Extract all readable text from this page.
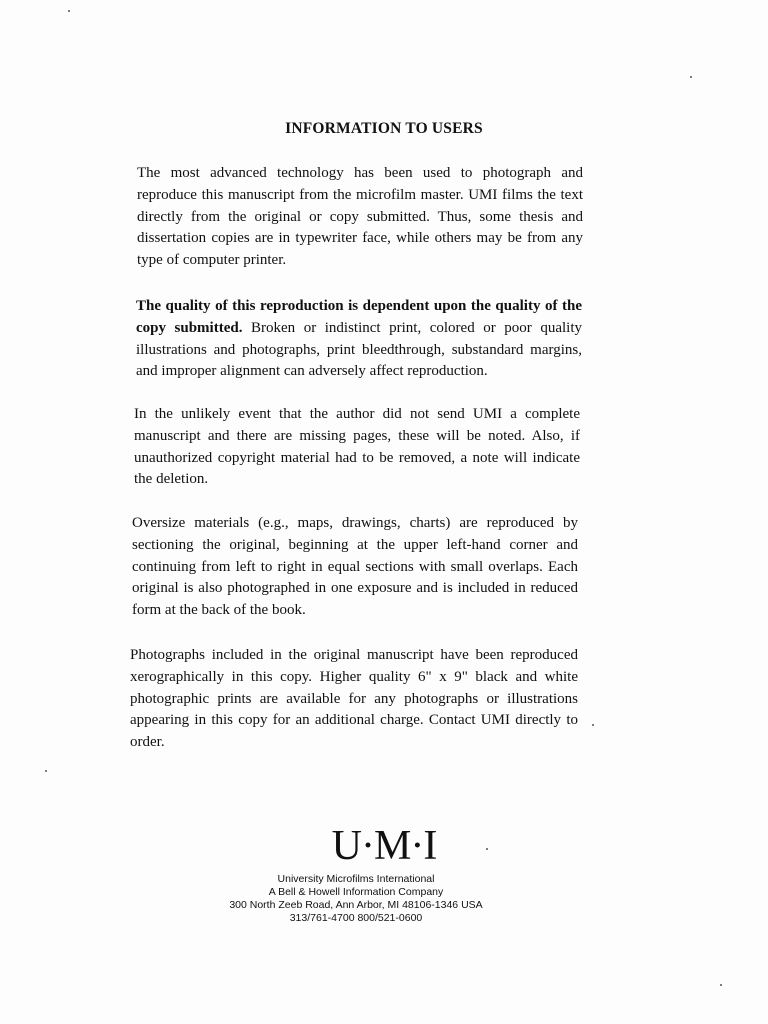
INFORMATION TO USERS
The most advanced technology has been used to photograph and reproduce this manuscript from the microfilm master. UMI films the text directly from the original or copy submitted. Thus, some thesis and dissertation copies are in typewriter face, while others may be from any type of computer printer.
The quality of this reproduction is dependent upon the quality of the copy submitted. Broken or indistinct print, colored or poor quality illustrations and photographs, print bleedthrough, substandard margins, and improper alignment can adversely affect reproduction.
In the unlikely event that the author did not send UMI a complete manuscript and there are missing pages, these will be noted. Also, if unauthorized copyright material had to be removed, a note will indicate the deletion.
Oversize materials (e.g., maps, drawings, charts) are reproduced by sectioning the original, beginning at the upper left-hand corner and continuing from left to right in equal sections with small overlaps. Each original is also photographed in one exposure and is included in reduced form at the back of the book.
Photographs included in the original manuscript have been reproduced xerographically in this copy. Higher quality 6" x 9" black and white photographic prints are available for any photographs or illustrations appearing in this copy for an additional charge. Contact UMI directly to order.
U·M·I
University Microfilms International
A Bell & Howell Information Company
300 North Zeeb Road, Ann Arbor, MI 48106-1346 USA
313/761-4700 800/521-0600
